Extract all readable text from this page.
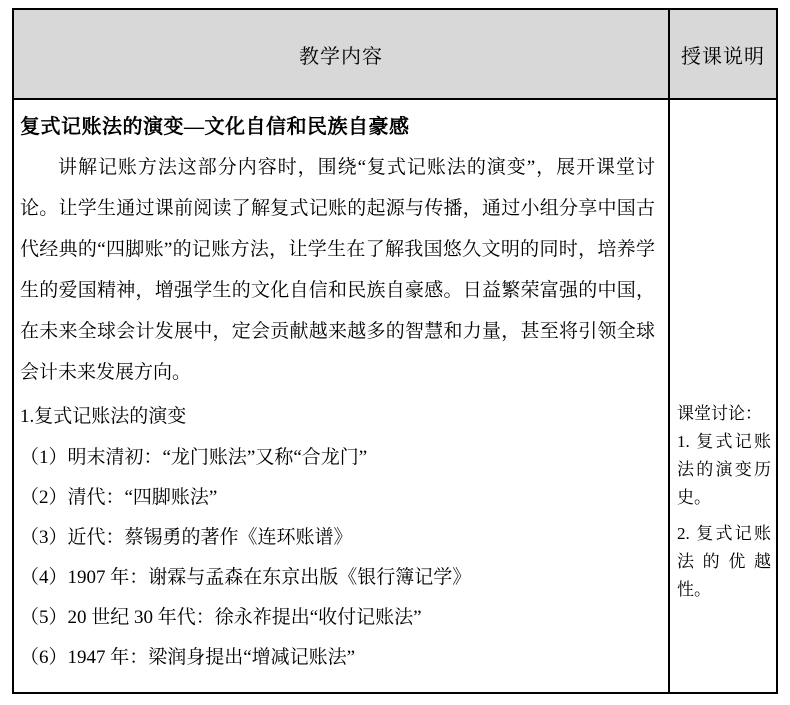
教学内容	授课说明
复式记账法的演变—文化自信和民族自豪感
讲解记账方法这部分内容时，围绕“复式记账法的演变”，展开课堂讨论。让学生通过课前阅读了解复式记账的起源与传播，通过小组分享中国古代经典的“四脚账”的记账方法，让学生在了解我国悠久文明的同时，培养学生的爱国精神，增强学生的文化自信和民族自豪感。日益繁荣富强的中国，在未来全球会计发展中，定会贡献越来越多的智慧和力量，甚至将引领全球会计未来发展方向。
1.复式记账法的演变
（1）明末清初：“龙门账法”又称“合龙门”
（2）清代：“四脚账法”
（3）近代：蔡锡勇的著作《连环账谱》
（4）1907 年：谢霖与孟森在东京出版《银行簿记学》
（5）20 世纪 30 年代：徐永祚提出“收付记账法”
（6）1947 年：梁润身提出“增减记账法”
课堂讨论：
1. 复式记账法的演变历史。
2. 复式记账法的优越性。
